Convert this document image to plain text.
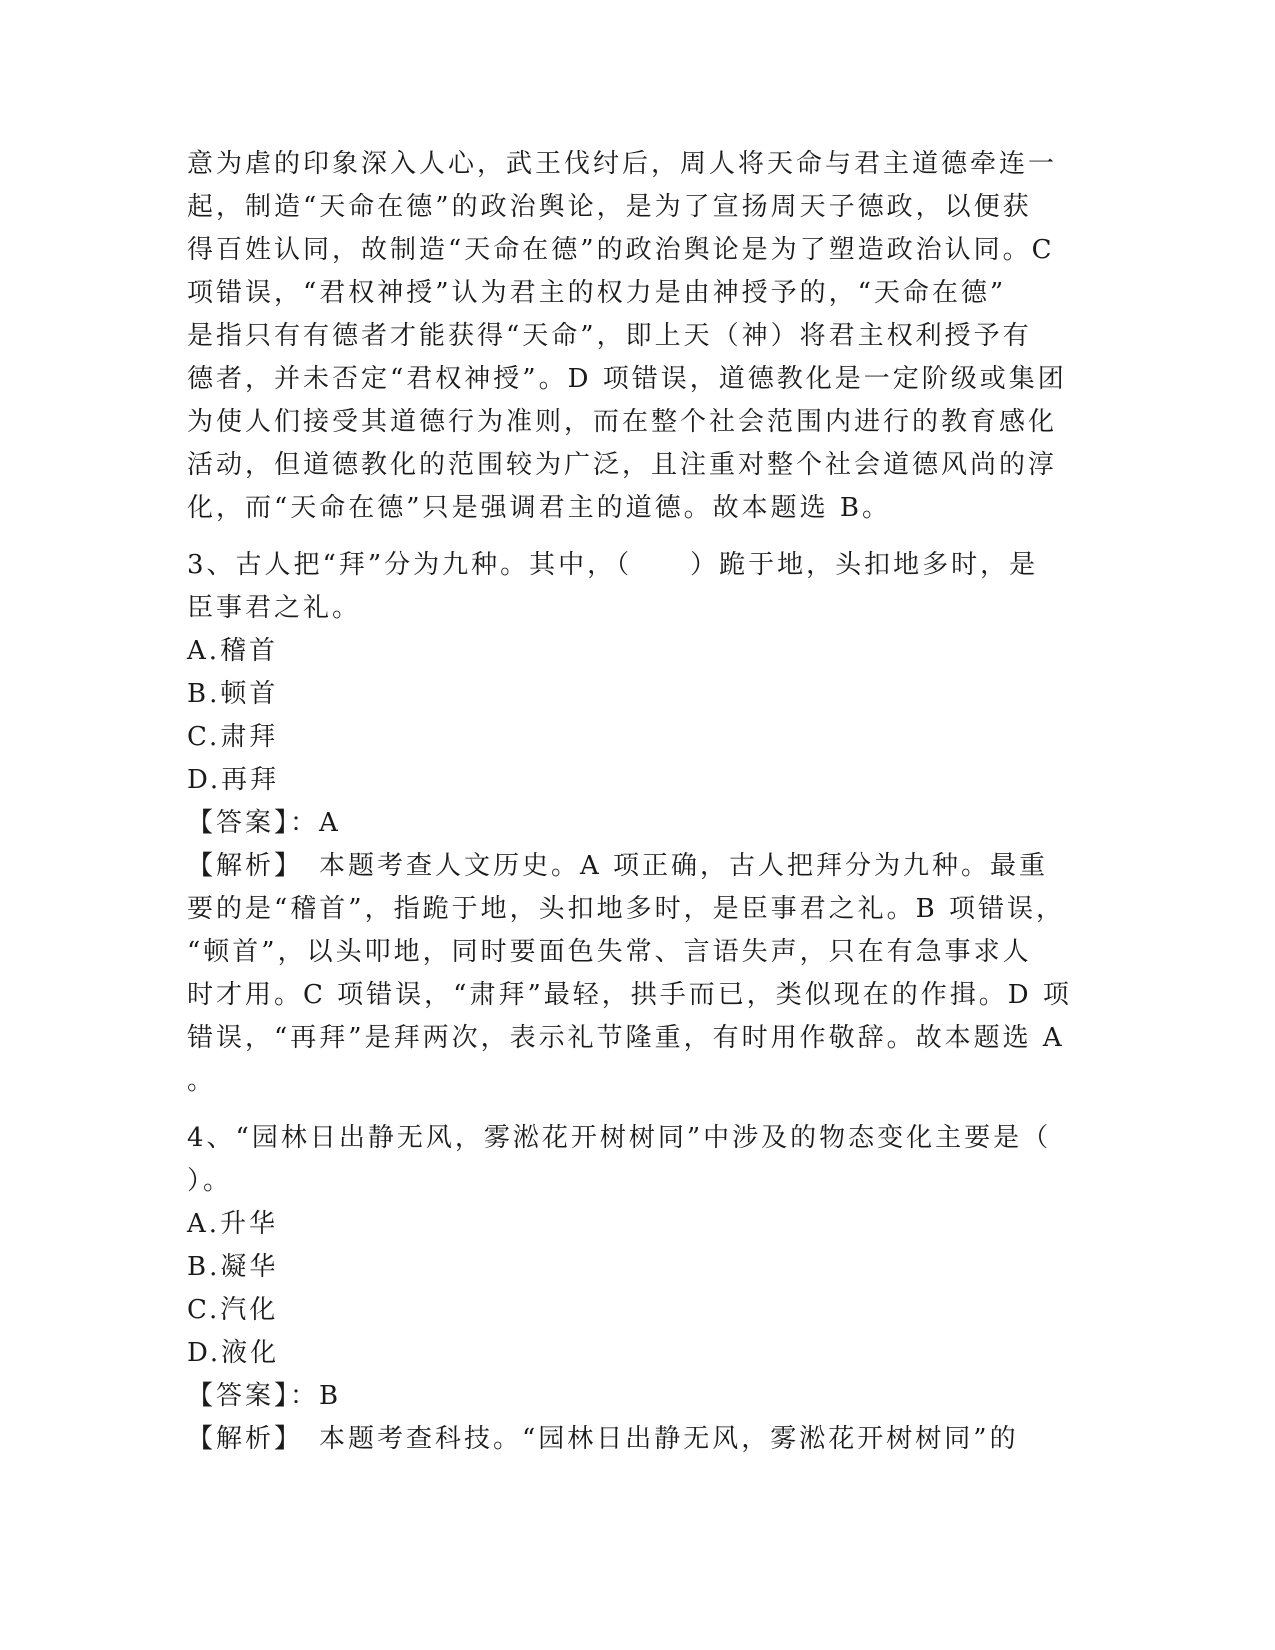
意为虐的印象深入人心，武王伐纣后，周人将天命与君主道德牵连一
起，制造“天命在德”的政治舆论，是为了宣扬周天子德政，以便获
得百姓认同，故制造“天命在德”的政治舆论是为了塑造政治认同。C
项错误，“君权神授”认为君主的权力是由神授予的，“天命在德”
是指只有有德者才能获得“天命”，即上天（神）将君主权利授予有
德者，并未否定“君权神授”。D 项错误，道德教化是一定阶级或集团
为使人们接受其道德行为准则，而在整个社会范围内进行的教育感化
活动，但道德教化的范围较为广泛，且注重对整个社会道德风尚的淳
化，而“天命在德”只是强调君主的道德。故本题选 B。
3、古人把“拜”分为九种。其中，（　　）跪于地，头扣地多时，是
臣事君之礼。
A.稽首
B.顿首
C.肃拜
D.再拜
【答案】：A
【解析】　本题考查人文历史。A 项正确，古人把拜分为九种。最重
要的是“稽首”，指跪于地，头扣地多时，是臣事君之礼。B 项错误，
“顿首”，以头叩地，同时要面色失常、言语失声，只在有急事求人
时才用。C 项错误，“肃拜”最轻，拱手而已，类似现在的作揖。D 项
错误，“再拜”是拜两次，表示礼节隆重，有时用作敬辞。故本题选 A
。
4、“园林日出静无风，雾淞花开树树同”中涉及的物态变化主要是（
）。
A.升华
B.凝华
C.汽化
D.液化
【答案】：B
【解析】　本题考查科技。“园林日出静无风，雾淞花开树树同”的
